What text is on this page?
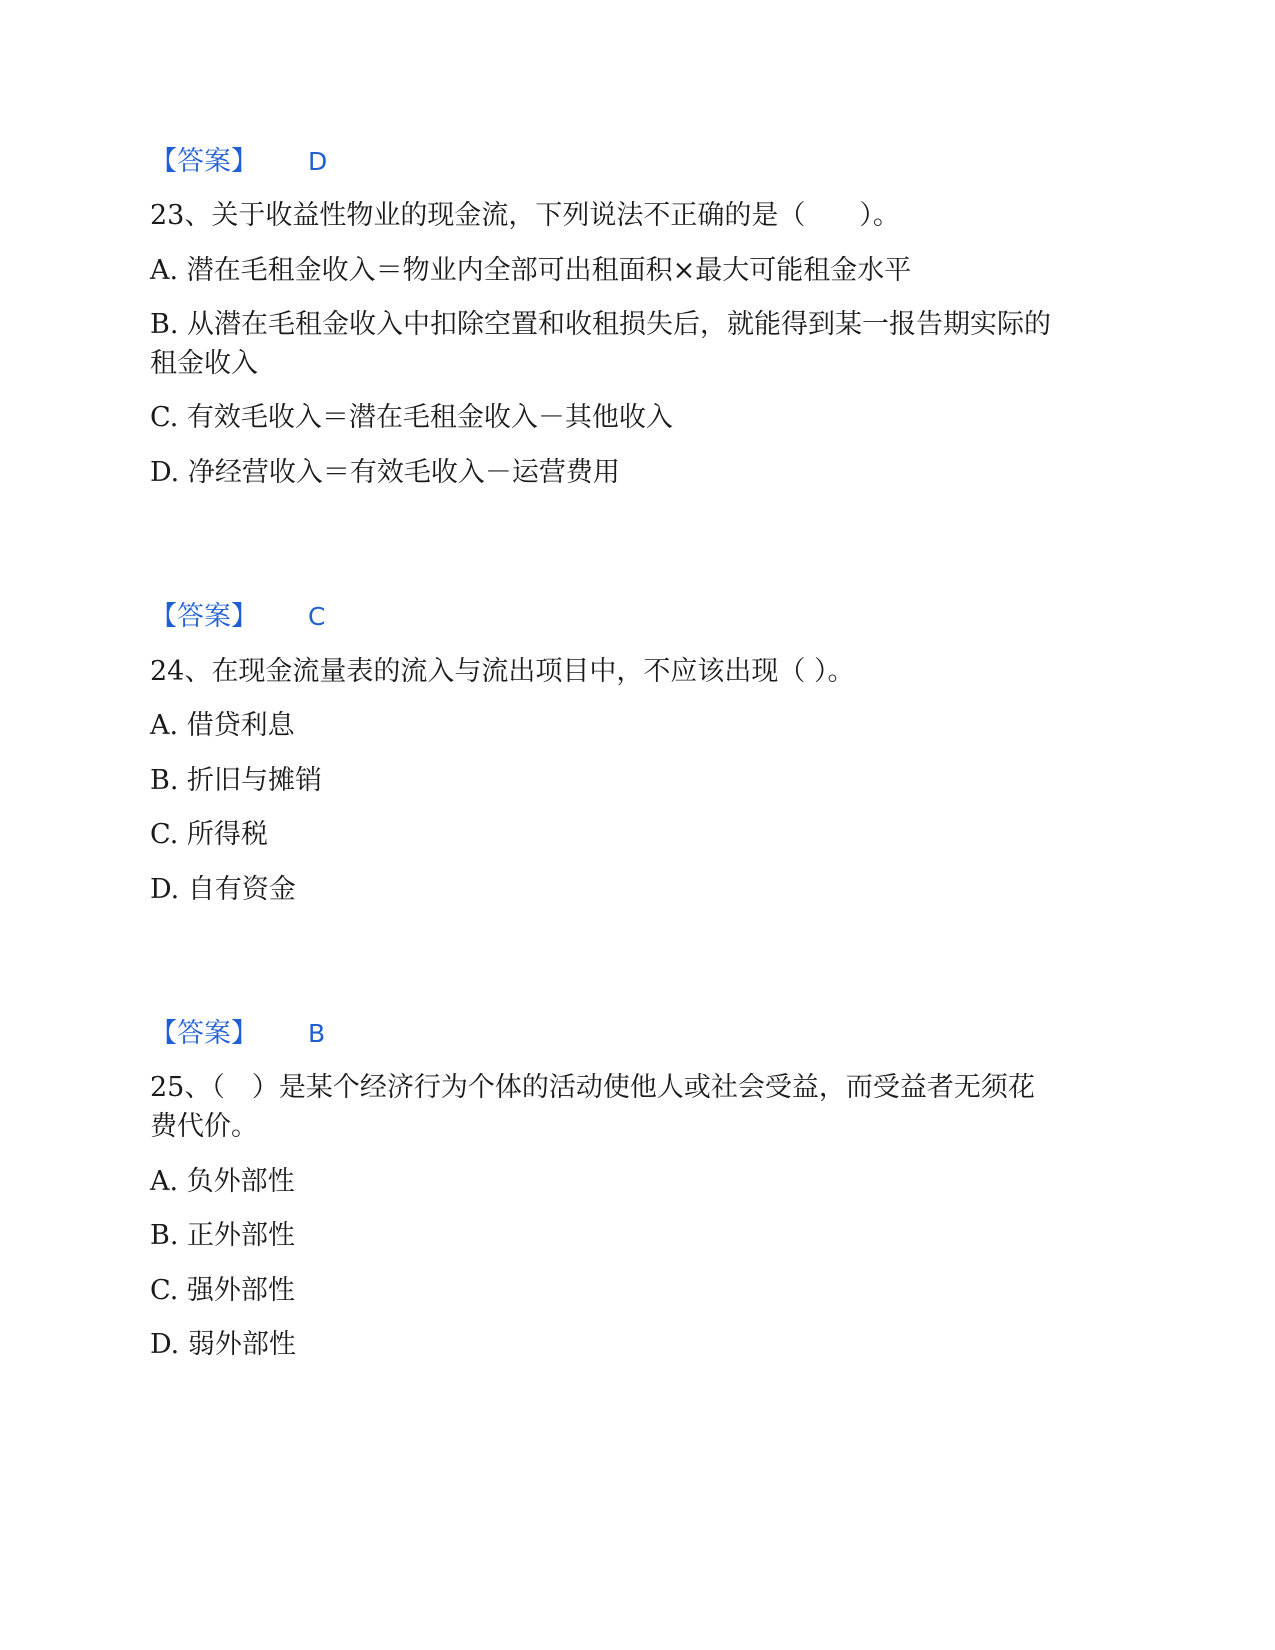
【答案】 D
23、关于收益性物业的现金流，下列说法不正确的是（　　）。
A. 潜在毛租金收入＝物业内全部可出租面积×最大可能租金水平
B. 从潜在毛租金收入中扣除空置和收租损失后，就能得到某一报告期实际的
租金收入
C. 有效毛收入＝潜在毛租金收入－其他收入
D. 净经营收入＝有效毛收入－运营费用
【答案】 C
24、在现金流量表的流入与流出项目中，不应该出现（ ）。
A. 借贷利息
B. 折旧与摊销
C. 所得税
D. 自有资金
【答案】 B
25、（　）是某个经济行为个体的活动使他人或社会受益，而受益者无须花
费代价。
A. 负外部性
B. 正外部性
C. 强外部性
D. 弱外部性
